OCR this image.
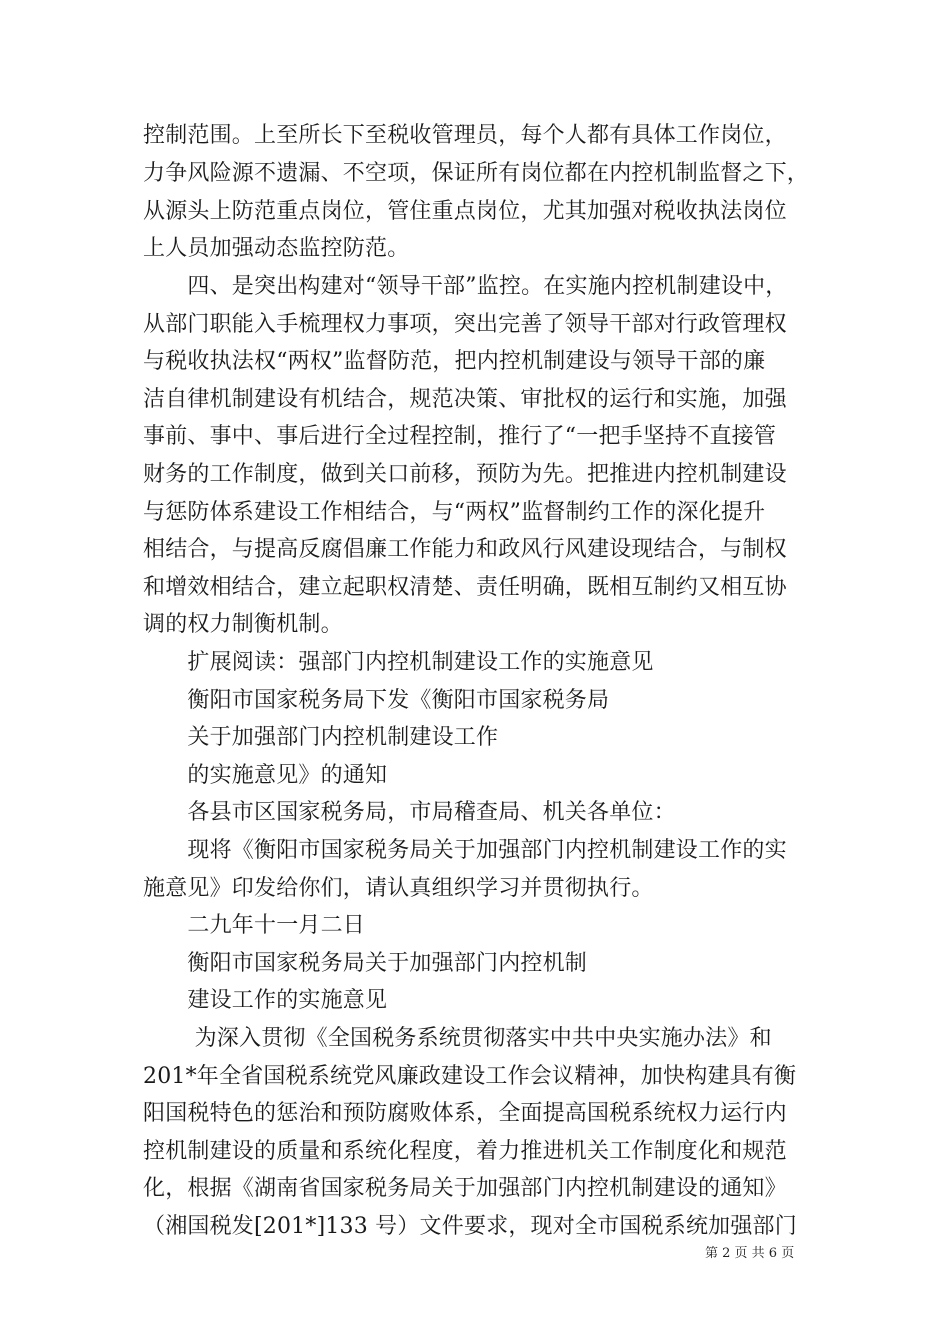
控制范围。上至所长下至税收管理员，每个人都有具体工作岗位，
力争风险源不遗漏、不空项，保证所有岗位都在内控机制监督之下，
从源头上防范重点岗位，管住重点岗位，尤其加强对税收执法岗位
上人员加强动态监控防范。
　　四、是突出构建对“领导干部”监控。在实施内控机制建设中，
从部门职能入手梳理权力事项，突出完善了领导干部对行政管理权
与税收执法权“两权”监督防范，把内控机制建设与领导干部的廉
洁自律机制建设有机结合，规范决策、审批权的运行和实施，加强
事前、事中、事后进行全过程控制，推行了“一把手坚持不直接管
财务的工作制度，做到关口前移，预防为先。把推进内控机制建设
与惩防体系建设工作相结合，与“两权”监督制约工作的深化提升
相结合，与提高反腐倡廉工作能力和政风行风建设现结合，与制权
和增效相结合，建立起职权清楚、责任明确，既相互制约又相互协
调的权力制衡机制。
　　扩展阅读：强部门内控机制建设工作的实施意见
　　衡阳市国家税务局下发《衡阳市国家税务局
　　关于加强部门内控机制建设工作
　　的实施意见》的通知
　　各县市区国家税务局，市局稽查局、机关各单位：
　　现将《衡阳市国家税务局关于加强部门内控机制建设工作的实
施意见》印发给你们，请认真组织学习并贯彻执行。
　　二九年十一月二日
　　衡阳市国家税务局关于加强部门内控机制
　　建设工作的实施意见
　　 为深入贯彻《全国税务系统贯彻落实中共中央实施办法》和
201*年全省国税系统党风廉政建设工作会议精神，加快构建具有衡
阳国税特色的惩治和预防腐败体系，全面提高国税系统权力运行内
控机制建设的质量和系统化程度，着力推进机关工作制度化和规范
化，根据《湖南省国家税务局关于加强部门内控机制建设的通知》
（湘国税发[201*]133 号）文件要求，现对全市国税系统加强部门
第 2 页 共 6 页
